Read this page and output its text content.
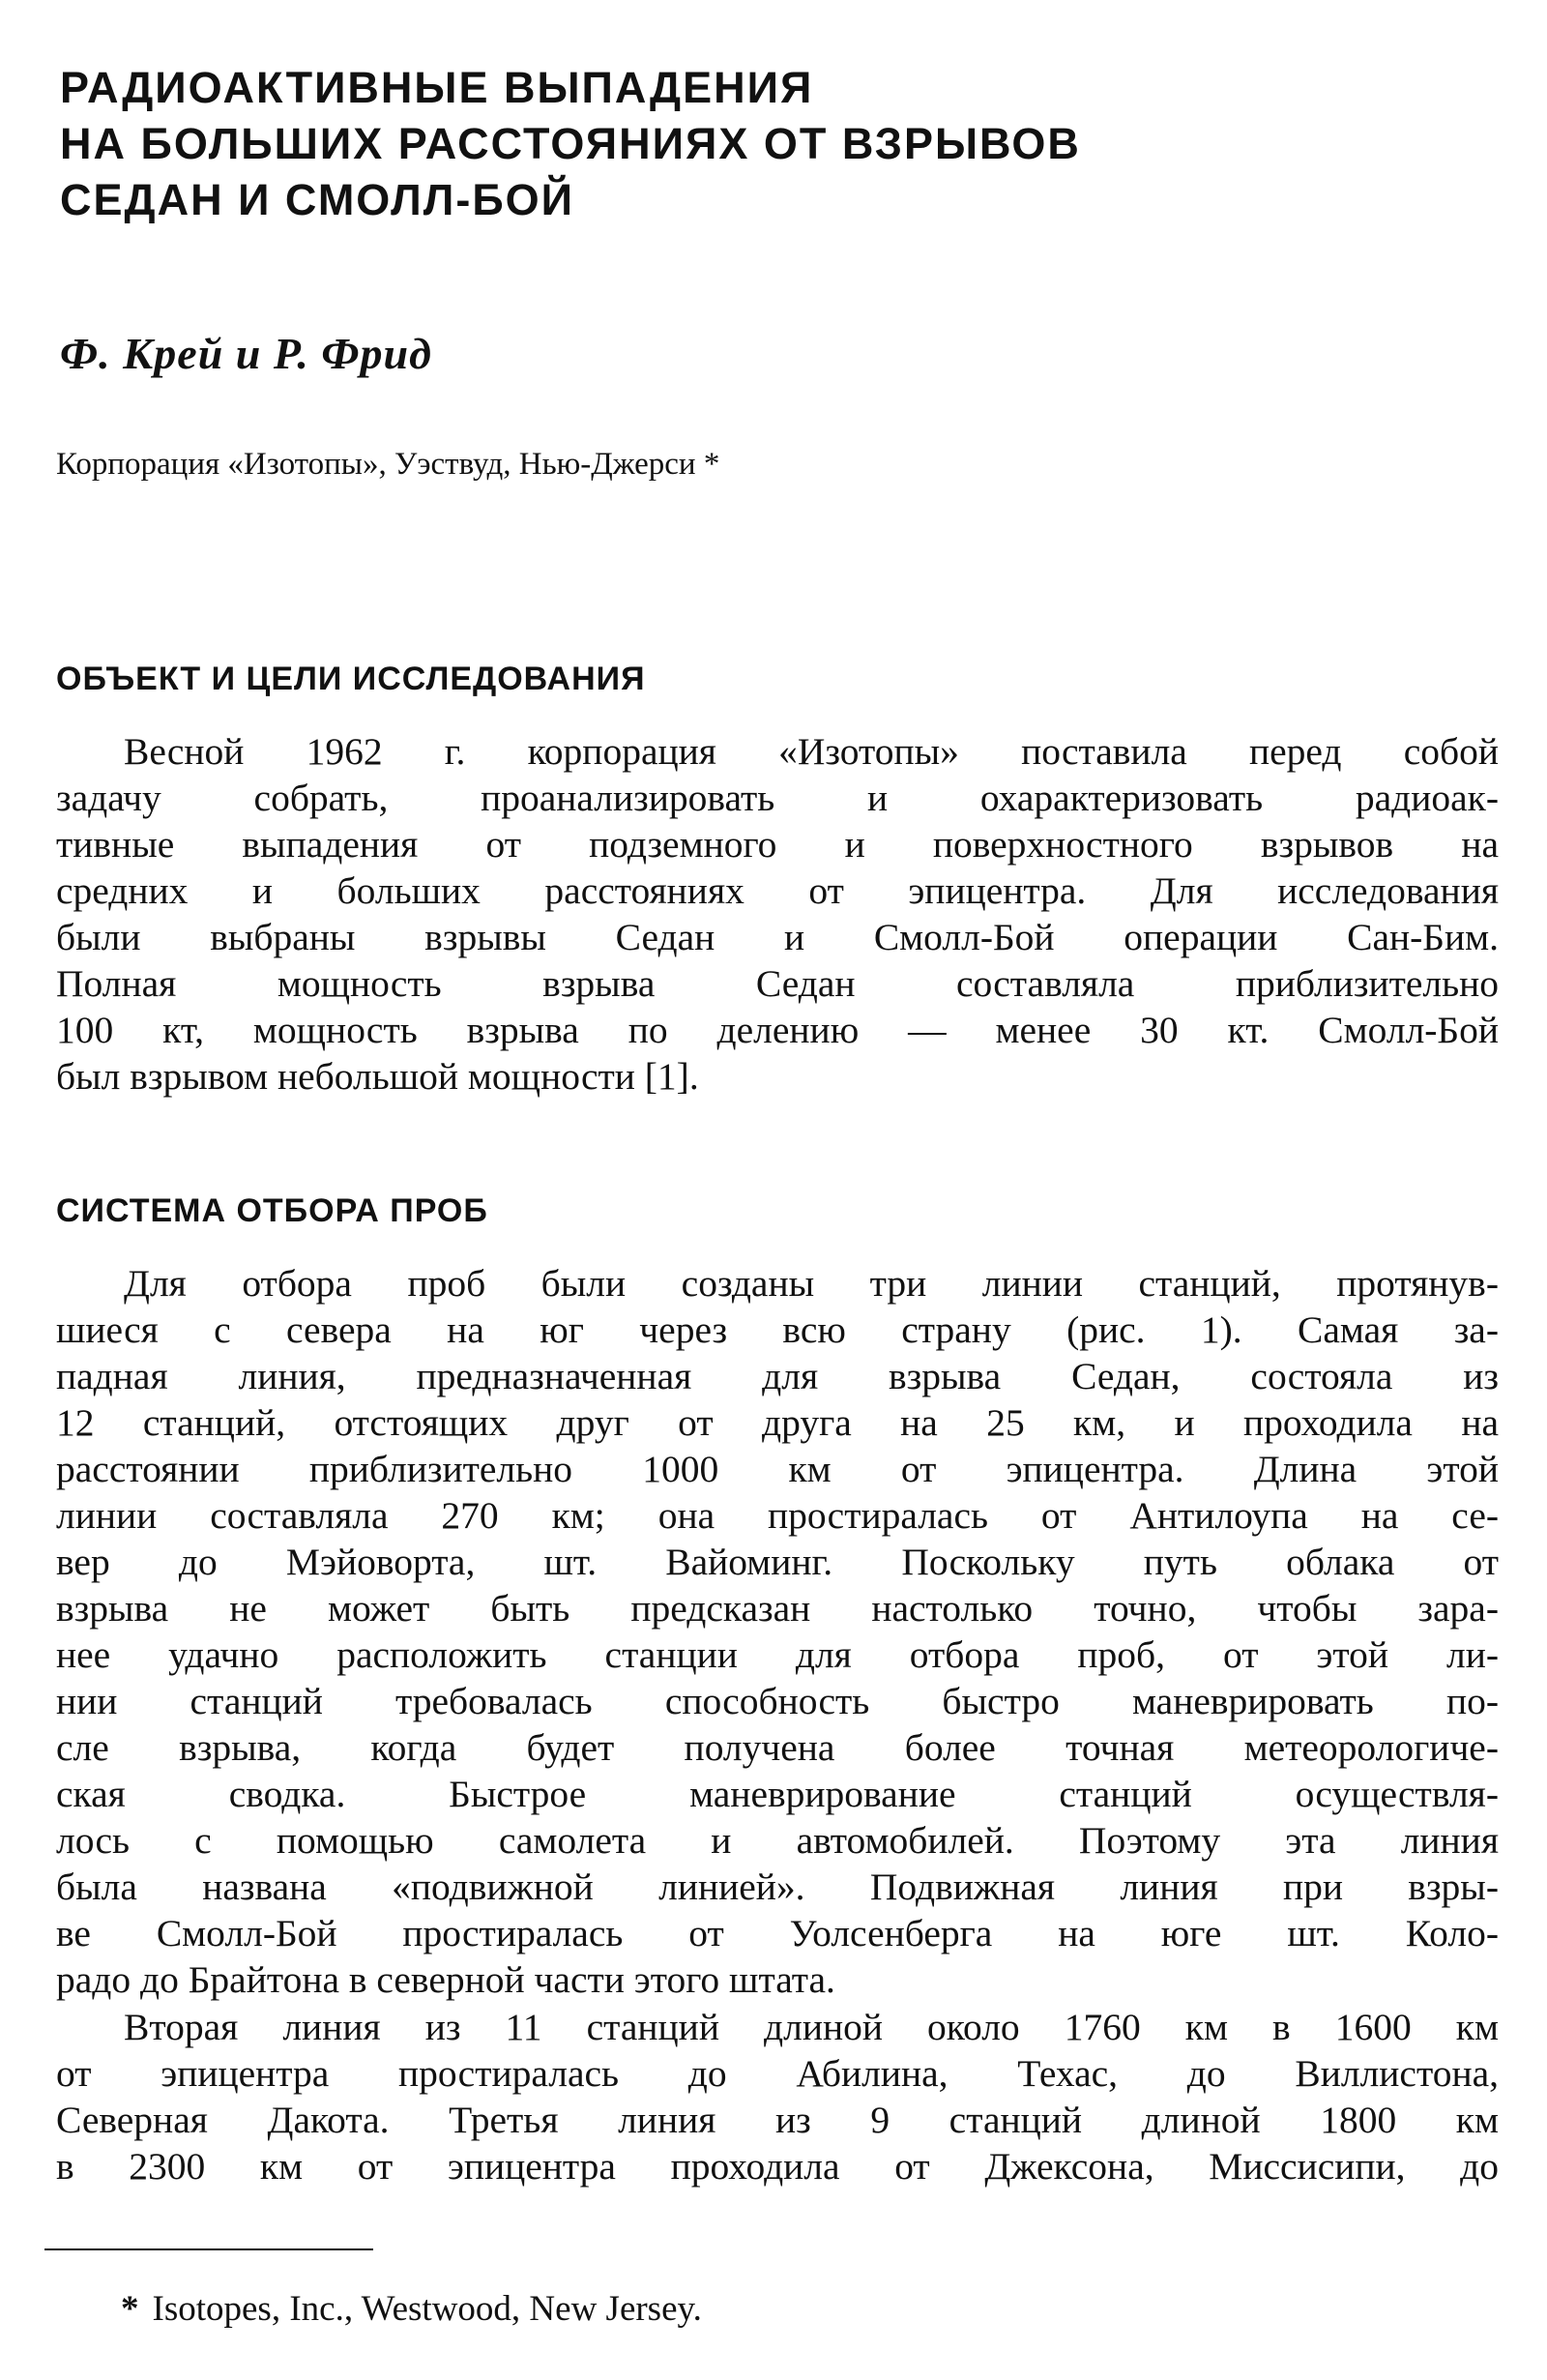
РАДИОАКТИВНЫЕ ВЫПАДЕНИЯ
НА БОЛЬШИХ РАССТОЯНИЯХ ОТ ВЗРЫВОВ
СЕДАН И СМОЛЛ-БОЙ
Ф. Крей и Р. Фрид
Корпорация «Изотопы», Уэствуд, Нью-Джерси *
ОБЪЕКТ И ЦЕЛИ ИССЛЕДОВАНИЯ
Весной 1962 г. корпорация «Изотопы» поставила перед собой
задачу собрать, проанализировать и охарактеризовать радиоак-
тивные выпадения от подземного и поверхностного взрывов на
средних и больших расстояниях от эпицентра. Для исследования
были выбраны взрывы Седан и Смолл-Бой операции Сан-Бим.
Полная мощность взрыва Седан составляла приблизительно
100 кт, мощность взрыва по делению — менее 30 кт. Смолл-Бой
был взрывом небольшой мощности [1].
СИСТЕМА ОТБОРА ПРОБ
Для отбора проб были созданы три линии станций, протянув-
шиеся с севера на юг через всю страну (рис. 1). Самая за-
падная линия, предназначенная для взрыва Седан, состояла из
12 станций, отстоящих друг от друга на 25 км, и проходила на
расстоянии приблизительно 1000 км от эпицентра. Длина этой
линии составляла 270 км; она простиралась от Антилоупа на се-
вер до Мэйоворта, шт. Вайоминг. Поскольку путь облака от
взрыва не может быть предсказан настолько точно, чтобы зара-
нее удачно расположить станции для отбора проб, от этой ли-
нии станций требовалась способность быстро маневрировать по-
сле взрыва, когда будет получена более точная метеорологиче-
ская сводка. Быстрое маневрирование станций осуществля-
лось с помощью самолета и автомобилей. Поэтому эта линия
была названа «подвижной линией». Подвижная линия при взры-
ве Смолл-Бой простиралась от Уолсенберга на юге шт. Коло-
радо до Брайтона в северной части этого штата.
Вторая линия из 11 станций длиной около 1760 км в 1600 км
от эпицентра простиралась до Абилина, Техас, до Виллистона,
Северная Дакота. Третья линия из 9 станций длиной 1800 км
в 2300 км от эпицентра проходила от Джексона, Миссисипи, до
* Isotopes, Inc., Westwood, New Jersey.
